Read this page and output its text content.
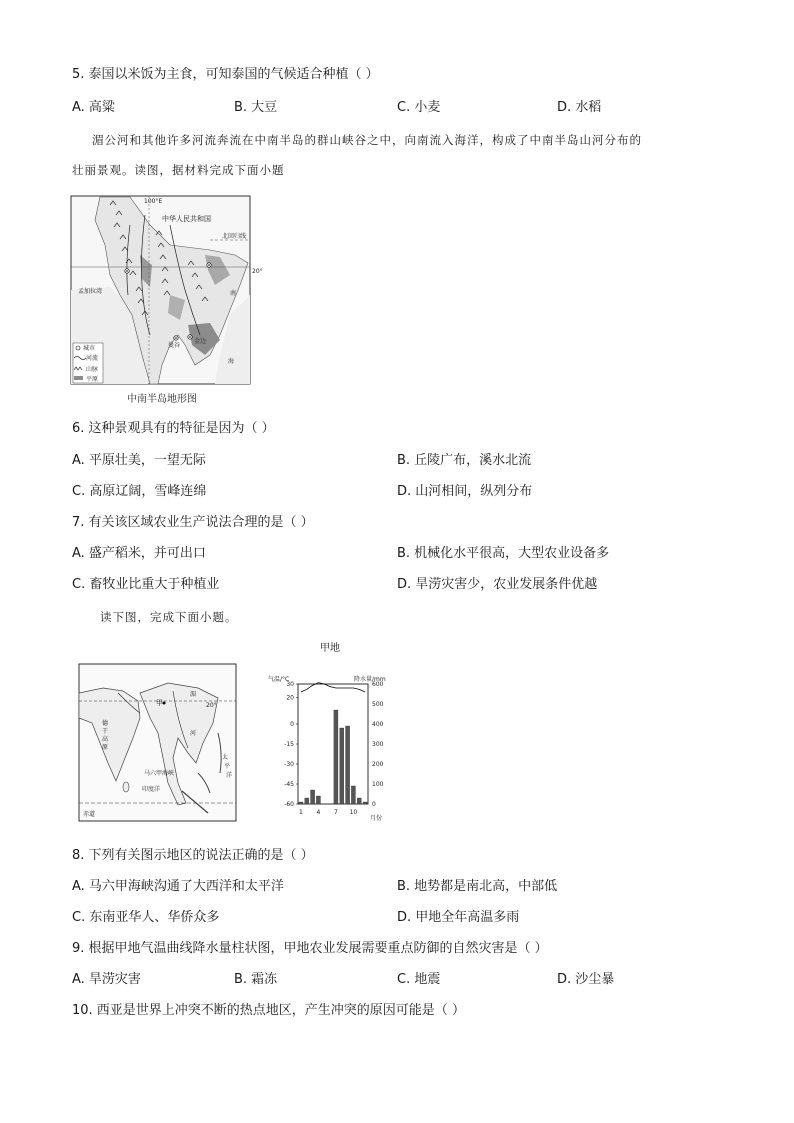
5. 泰国以米饭为主食，可知泰国的气候适合种植（ ）
A. 高粱	B. 大豆	C. 小麦	D. 水稻
湄公河和其他许多河流奔流在中南半岛的群山峡谷之中，向南流入海洋，构成了中南半岛山河分布的
壮丽景观。读图，据材料完成下面小题
100°E
中华人民共和国
北回归线
20°
孟加拉湾
曼谷
金边
南
海
城市
河流
山脉
平原
中南半岛地形图
6. 这种景观具有的特征是因为（ ）
A. 平原壮美，一望无际	B. 丘陵广布，溪水北流
C. 高原辽阔，雪峰连绵	D. 山河相间，纵列分布
7. 有关该区域农业生产说法合理的是（ ）
A. 盛产稻米，并可出口	B. 机械化水平很高，大型农业设备多
C. 畜牧业比重大于种植业	D. 旱涝灾害少，农业发展条件优越
读下图，完成下面小题。
20°
甲
湄
河
德
干
高
原
马六甲海峡
印度洋
太
平
洋
赤道
甲地
气温/°C	降水量/mm
30
20
0
-15
-30
-45
-60
600
500
400
300
200
100
0
1 4 7 10
月份
8. 下列有关图示地区的说法正确的是（ ）
A. 马六甲海峡沟通了大西洋和太平洋	B. 地势都是南北高，中部低
C. 东南亚华人、华侨众多	D. 甲地全年高温多雨
9. 根据甲地气温曲线降水量柱状图，甲地农业发展需要重点防御的自然灾害是（ ）
A. 旱涝灾害	B. 霜冻	C. 地震	D. 沙尘暴
10. 西亚是世界上冲突不断的热点地区，产生冲突的原因可能是（ ）
